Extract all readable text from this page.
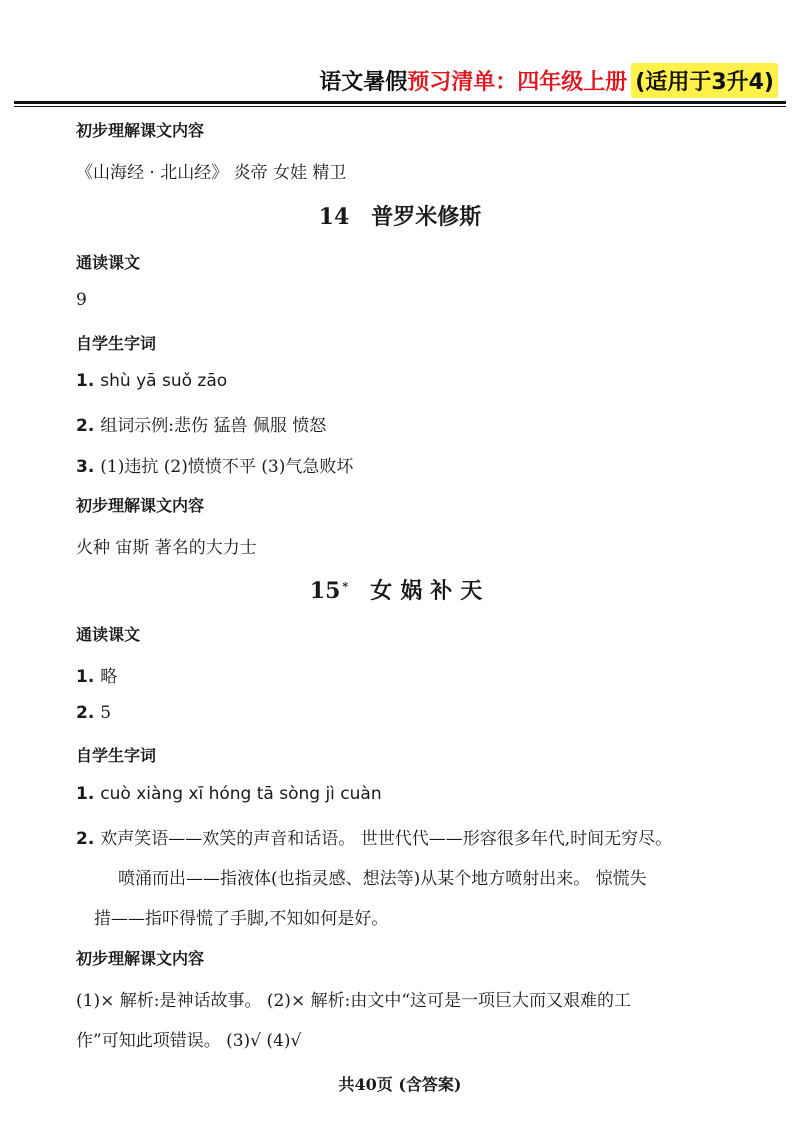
语文暑假 预习清单： 四年级上册 (适用于3升4)
初步理解课文内容
《山海经 · 北山经》 炎帝 女娃 精卫
14 普罗米修斯
通读课文
9
自学生字词
1. shù yā suǒ zāo
2. 组词示例:悲伤 猛兽 佩服 愤怒
3. (1)违抗 (2)愤愤不平 (3)气急败坏
初步理解课文内容
火种 宙斯 著名的大力士
15 * 女娲补天
通读课文
1. 略
2. 5
自学生字词
1. cuò xiàng xī hóng tā sòng jì cuàn
2. 欢声笑语——欢笑的声音和话语。 世世代代——形容很多年代,时间无穷尽。
喷涌而出——指液体(也指灵感、想法等)从某个地方喷射出来。 惊慌失
措——指吓得慌了手脚,不知如何是好。
初步理解课文内容
(1)× 解析:是神话故事。 (2)× 解析:由文中“这可是一项巨大而又艰难的工
作”可知此项错误。 (3)√ (4)√
共40页 (含答案)
